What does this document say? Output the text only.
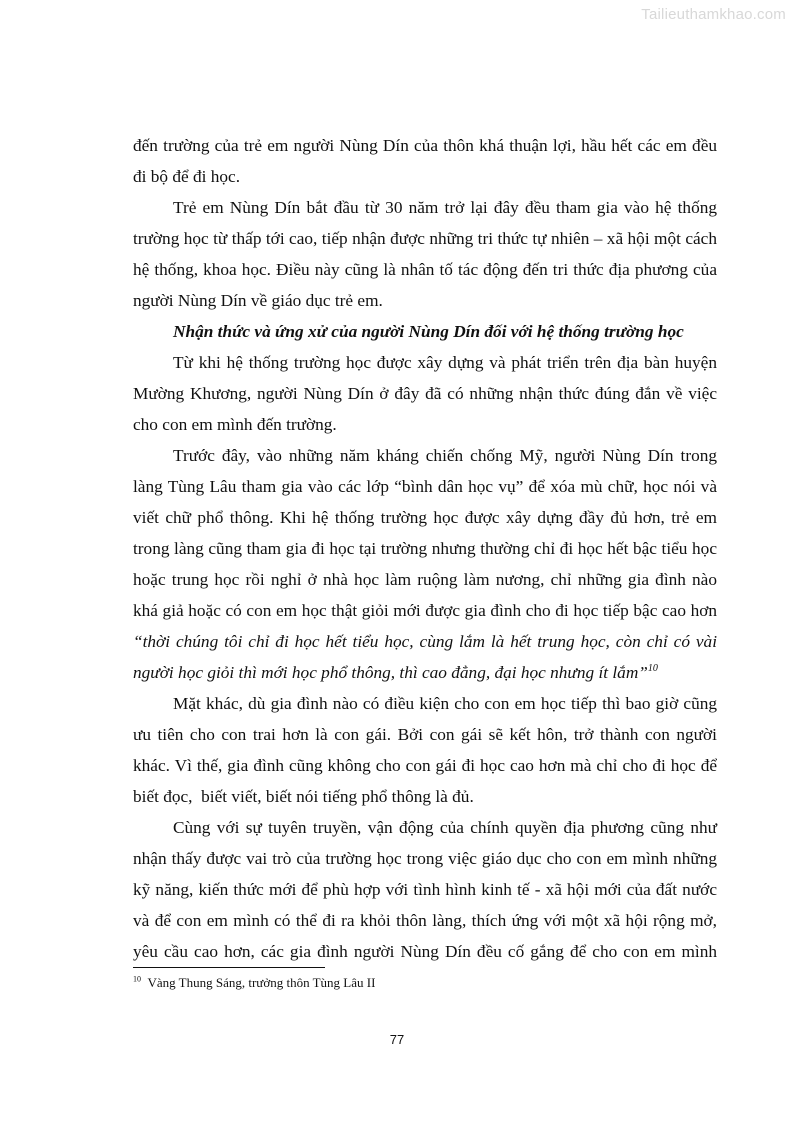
Tailieuthamkhao.com
đến trường của trẻ em người Nùng Dín của thôn khá thuận lợi, hầu hết các em đều
đi bộ để đi học.
Trẻ em Nùng Dín bắt đầu từ 30 năm trở lại đây đều tham gia vào hệ thống
trường học từ thấp tới cao, tiếp nhận được những tri thức tự nhiên – xã hội một cách
hệ thống, khoa học. Điều này cũng là nhân tố tác động đến tri thức địa phương của
người Nùng Dín về giáo dục trẻ em.
Nhận thức và ứng xử của người Nùng Dín đối với hệ thống trường học
Từ khi hệ thống trường học được xây dựng và phát triển trên địa bàn huyện
Mường Khương, người Nùng Dín ở đây đã có những nhận thức đúng đắn về việc
cho con em mình đến trường.
Trước đây, vào những năm kháng chiến chống Mỹ, người Nùng Dín trong
làng Tùng Lâu tham gia vào các lớp “bình dân học vụ” để xóa mù chữ, học nói và
viết chữ phổ thông. Khi hệ thống trường học được xây dựng đầy đủ hơn, trẻ em
trong làng cũng tham gia đi học tại trường nhưng thường chỉ đi học hết bậc tiểu học
hoặc trung học rồi nghỉ ở nhà học làm ruộng làm nương, chỉ những gia đình nào
khá giả hoặc có con em học thật giỏi mới được gia đình cho đi học tiếp bậc cao hơn
“thời chúng tôi chỉ đi học hết tiểu học, cùng lắm là hết trung học, còn chỉ có vài
người học giỏi thì mới học phổ thông, thì cao đẳng, đại học nhưng ít lắm”$^{10}$
Mặt khác, dù gia đình nào có điều kiện cho con em học tiếp thì bao giờ cũng
ưu tiên cho con trai hơn là con gái. Bởi con gái sẽ kết hôn, trở thành con người
khác. Vì thế, gia đình cũng không cho con gái đi học cao hơn mà chỉ cho đi học để
biết đọc,  biết viết, biết nói tiếng phổ thông là đủ.
Cùng với sự tuyên truyền, vận động của chính quyền địa phương cũng như
nhận thấy được vai trò của trường học trong việc giáo dục cho con em mình những
kỹ năng, kiến thức mới để phù hợp với tình hình kinh tế - xã hội mới của đất nước
và để con em mình có thể đi ra khỏi thôn làng, thích ứng với một xã hội rộng mở,
yêu cầu cao hơn, các gia đình người Nùng Dín đều cố gắng để cho con em mình
$^{10}$ Vàng Thung Sáng, trưởng thôn Tùng Lâu II
77
